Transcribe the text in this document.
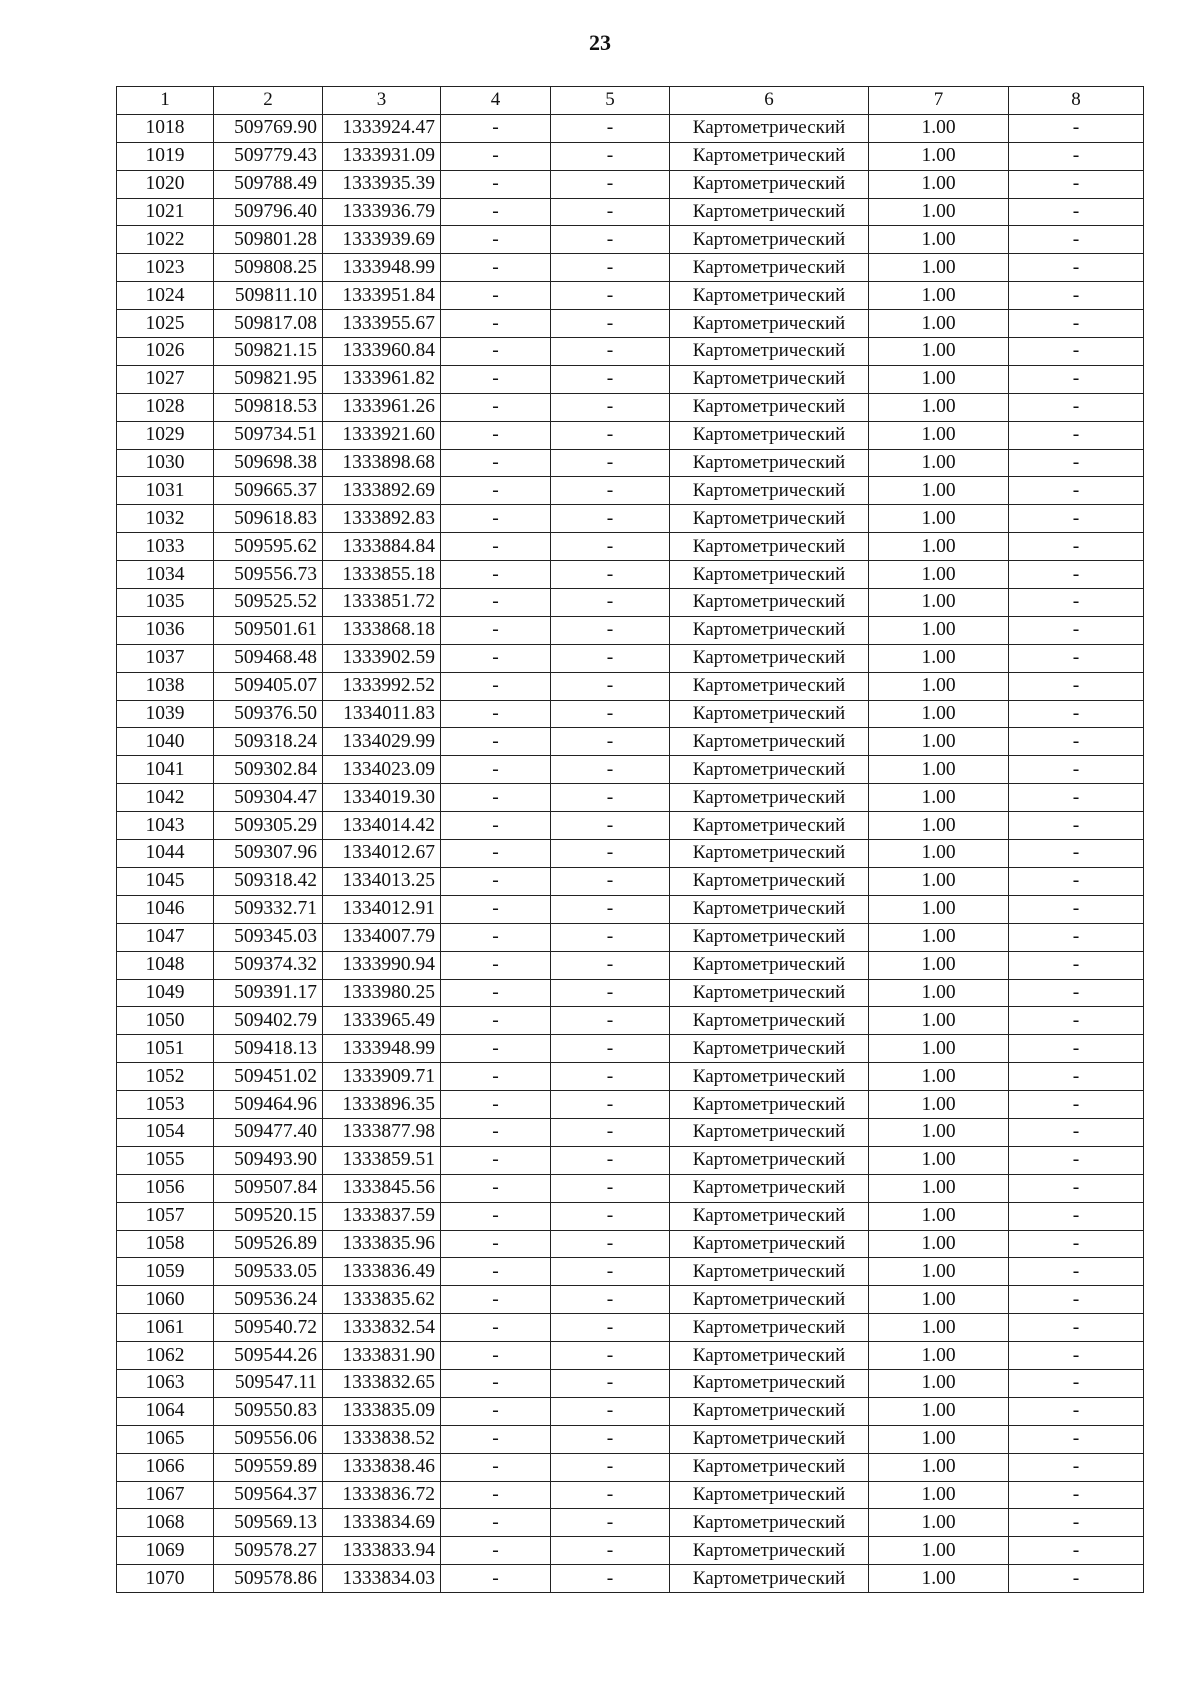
23
1	2	3	4	5	6	7	8
1018	509769.90	1333924.47	-	-	Картометрический	1.00	-
1019	509779.43	1333931.09	-	-	Картометрический	1.00	-
1020	509788.49	1333935.39	-	-	Картометрический	1.00	-
1021	509796.40	1333936.79	-	-	Картометрический	1.00	-
1022	509801.28	1333939.69	-	-	Картометрический	1.00	-
1023	509808.25	1333948.99	-	-	Картометрический	1.00	-
1024	509811.10	1333951.84	-	-	Картометрический	1.00	-
1025	509817.08	1333955.67	-	-	Картометрический	1.00	-
1026	509821.15	1333960.84	-	-	Картометрический	1.00	-
1027	509821.95	1333961.82	-	-	Картометрический	1.00	-
1028	509818.53	1333961.26	-	-	Картометрический	1.00	-
1029	509734.51	1333921.60	-	-	Картометрический	1.00	-
1030	509698.38	1333898.68	-	-	Картометрический	1.00	-
1031	509665.37	1333892.69	-	-	Картометрический	1.00	-
1032	509618.83	1333892.83	-	-	Картометрический	1.00	-
1033	509595.62	1333884.84	-	-	Картометрический	1.00	-
1034	509556.73	1333855.18	-	-	Картометрический	1.00	-
1035	509525.52	1333851.72	-	-	Картометрический	1.00	-
1036	509501.61	1333868.18	-	-	Картометрический	1.00	-
1037	509468.48	1333902.59	-	-	Картометрический	1.00	-
1038	509405.07	1333992.52	-	-	Картометрический	1.00	-
1039	509376.50	1334011.83	-	-	Картометрический	1.00	-
1040	509318.24	1334029.99	-	-	Картометрический	1.00	-
1041	509302.84	1334023.09	-	-	Картометрический	1.00	-
1042	509304.47	1334019.30	-	-	Картометрический	1.00	-
1043	509305.29	1334014.42	-	-	Картометрический	1.00	-
1044	509307.96	1334012.67	-	-	Картометрический	1.00	-
1045	509318.42	1334013.25	-	-	Картометрический	1.00	-
1046	509332.71	1334012.91	-	-	Картометрический	1.00	-
1047	509345.03	1334007.79	-	-	Картометрический	1.00	-
1048	509374.32	1333990.94	-	-	Картометрический	1.00	-
1049	509391.17	1333980.25	-	-	Картометрический	1.00	-
1050	509402.79	1333965.49	-	-	Картометрический	1.00	-
1051	509418.13	1333948.99	-	-	Картометрический	1.00	-
1052	509451.02	1333909.71	-	-	Картометрический	1.00	-
1053	509464.96	1333896.35	-	-	Картометрический	1.00	-
1054	509477.40	1333877.98	-	-	Картометрический	1.00	-
1055	509493.90	1333859.51	-	-	Картометрический	1.00	-
1056	509507.84	1333845.56	-	-	Картометрический	1.00	-
1057	509520.15	1333837.59	-	-	Картометрический	1.00	-
1058	509526.89	1333835.96	-	-	Картометрический	1.00	-
1059	509533.05	1333836.49	-	-	Картометрический	1.00	-
1060	509536.24	1333835.62	-	-	Картометрический	1.00	-
1061	509540.72	1333832.54	-	-	Картометрический	1.00	-
1062	509544.26	1333831.90	-	-	Картометрический	1.00	-
1063	509547.11	1333832.65	-	-	Картометрический	1.00	-
1064	509550.83	1333835.09	-	-	Картометрический	1.00	-
1065	509556.06	1333838.52	-	-	Картометрический	1.00	-
1066	509559.89	1333838.46	-	-	Картометрический	1.00	-
1067	509564.37	1333836.72	-	-	Картометрический	1.00	-
1068	509569.13	1333834.69	-	-	Картометрический	1.00	-
1069	509578.27	1333833.94	-	-	Картометрический	1.00	-
1070	509578.86	1333834.03	-	-	Картометрический	1.00	-
